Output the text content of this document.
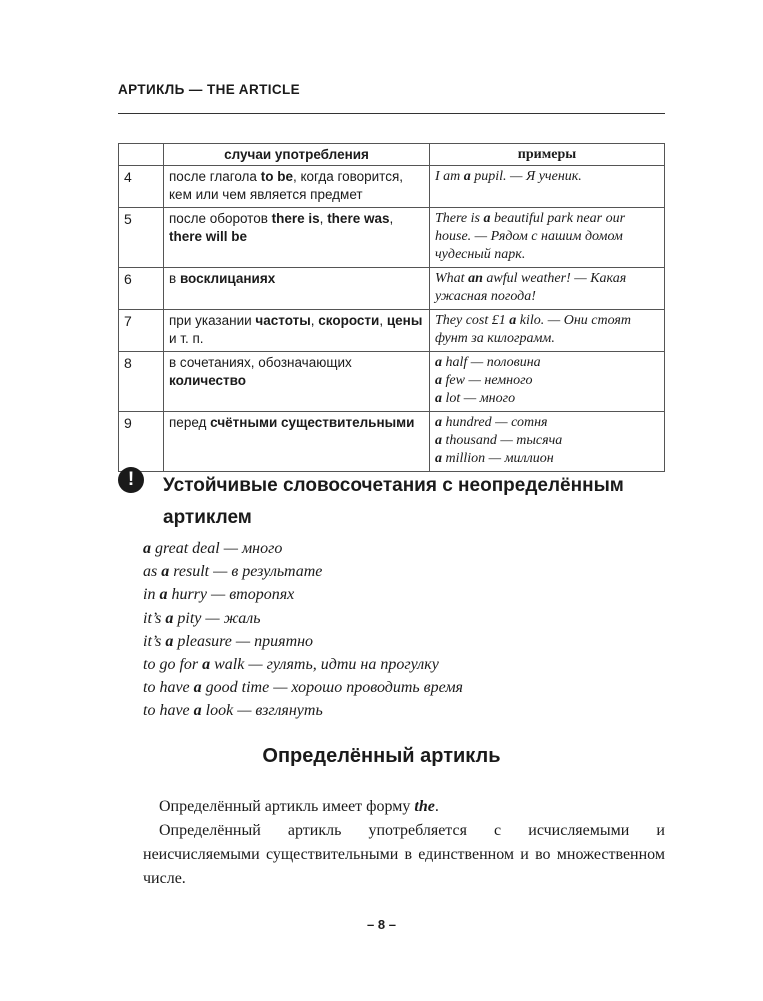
АРТИКЛЬ — THE ARTICLE
	случаи употребления	примеры
4	после глагола to be, когда говорится, кем или чем является предмет	I am a pupil. — Я ученик.

5	после оборотов there is, there was, there will be	There is a beautiful park near our house. — Рядом с нашим домом чудесный парк.

6	в восклицаниях	What an awful weather! — Какая ужасная погода!

7	при указании частоты, скорости, цены и т. п.	They cost £1 a kilo. — Они стоят фунт за килограмм.

8	в сочетаниях, обозначающих количество	a half — половина
a few — немного
a lot — много

9	перед счётными существительными	a hundred — сотня
a thousand — тысяча
a million — миллион
!	Устойчивые словосочетания с неопределённым артиклем
a great deal — много
as a result — в результате
in a hurry — второпях
it’s a pity — жаль
it’s a pleasure — приятно
to go for a walk — гулять, идти на прогулку
to have a good time — хорошо проводить время
to have a look — взглянуть
Определённый артикль

 Определённый артикль имеет форму the.

 Определённый артикль употребляется с исчисляемыми и неисчисляемыми существительными в единственном и во множественном числе.

– 8 –
